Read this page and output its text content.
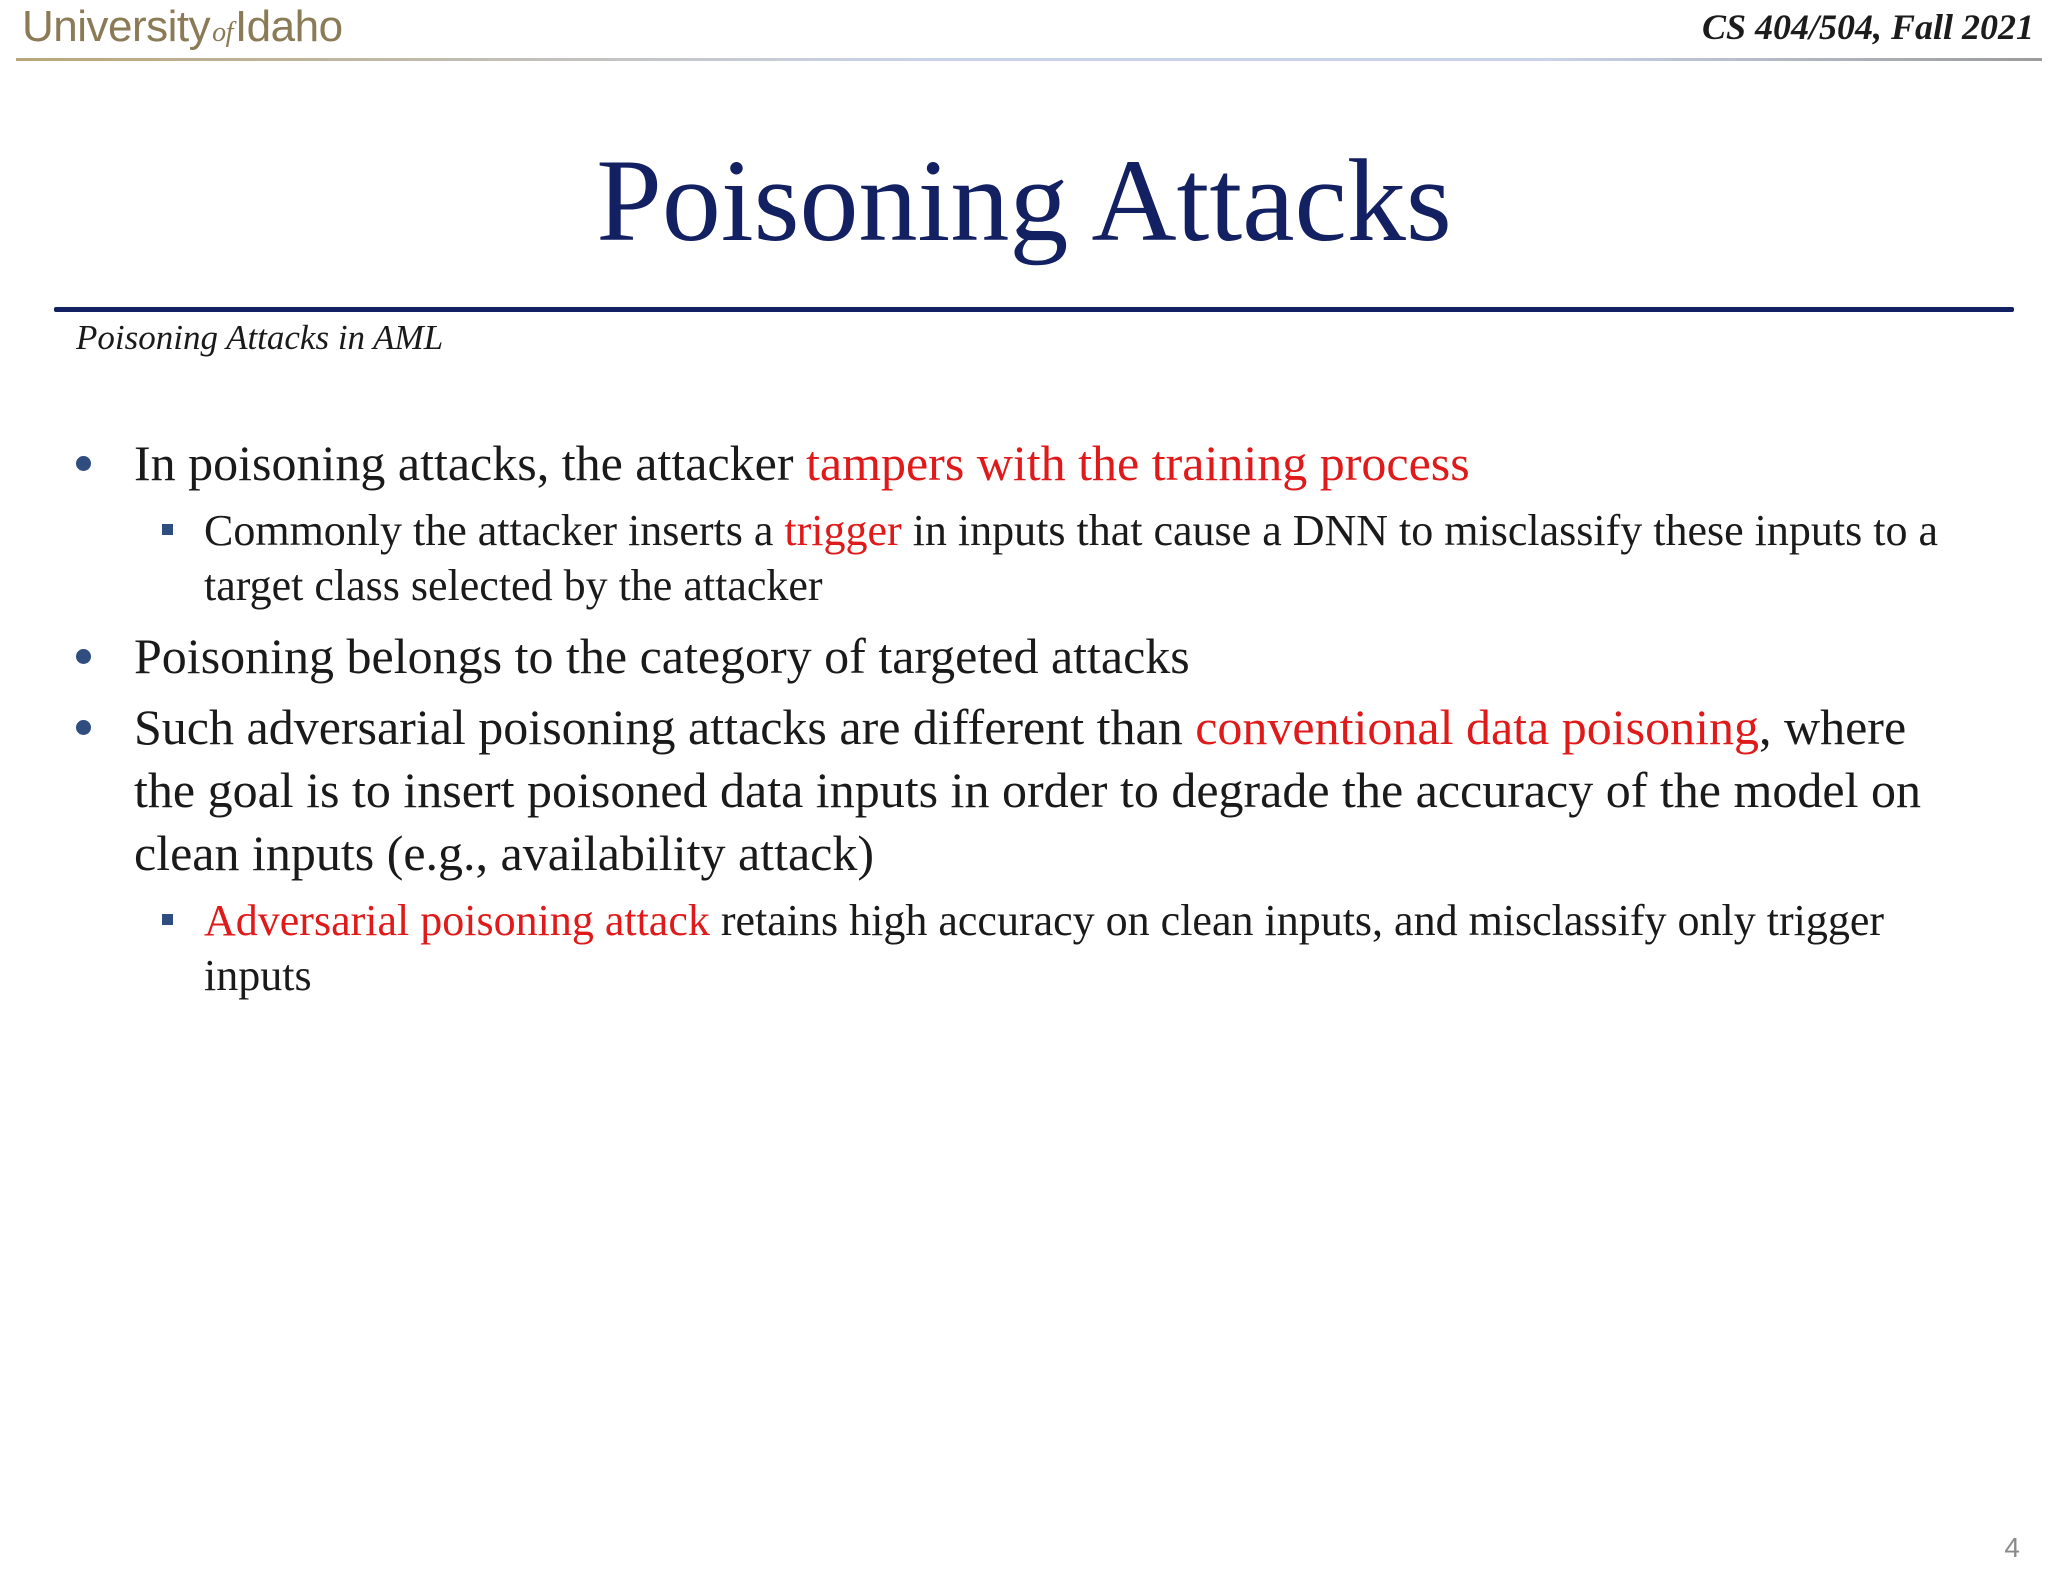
UniversityofIdaho	CS 404/504, Fall 2021
Poisoning Attacks
Poisoning Attacks in AML
In poisoning attacks, the attacker tampers with the training process
Commonly the attacker inserts a trigger in inputs that cause a DNN to misclassify these inputs to a target class selected by the attacker
Poisoning belongs to the category of targeted attacks
Such adversarial poisoning attacks are different than conventional data poisoning, where the goal is to insert poisoned data inputs in order to degrade the accuracy of the model on clean inputs (e.g., availability attack)
Adversarial poisoning attack retains high accuracy on clean inputs, and misclassify only trigger inputs
4
